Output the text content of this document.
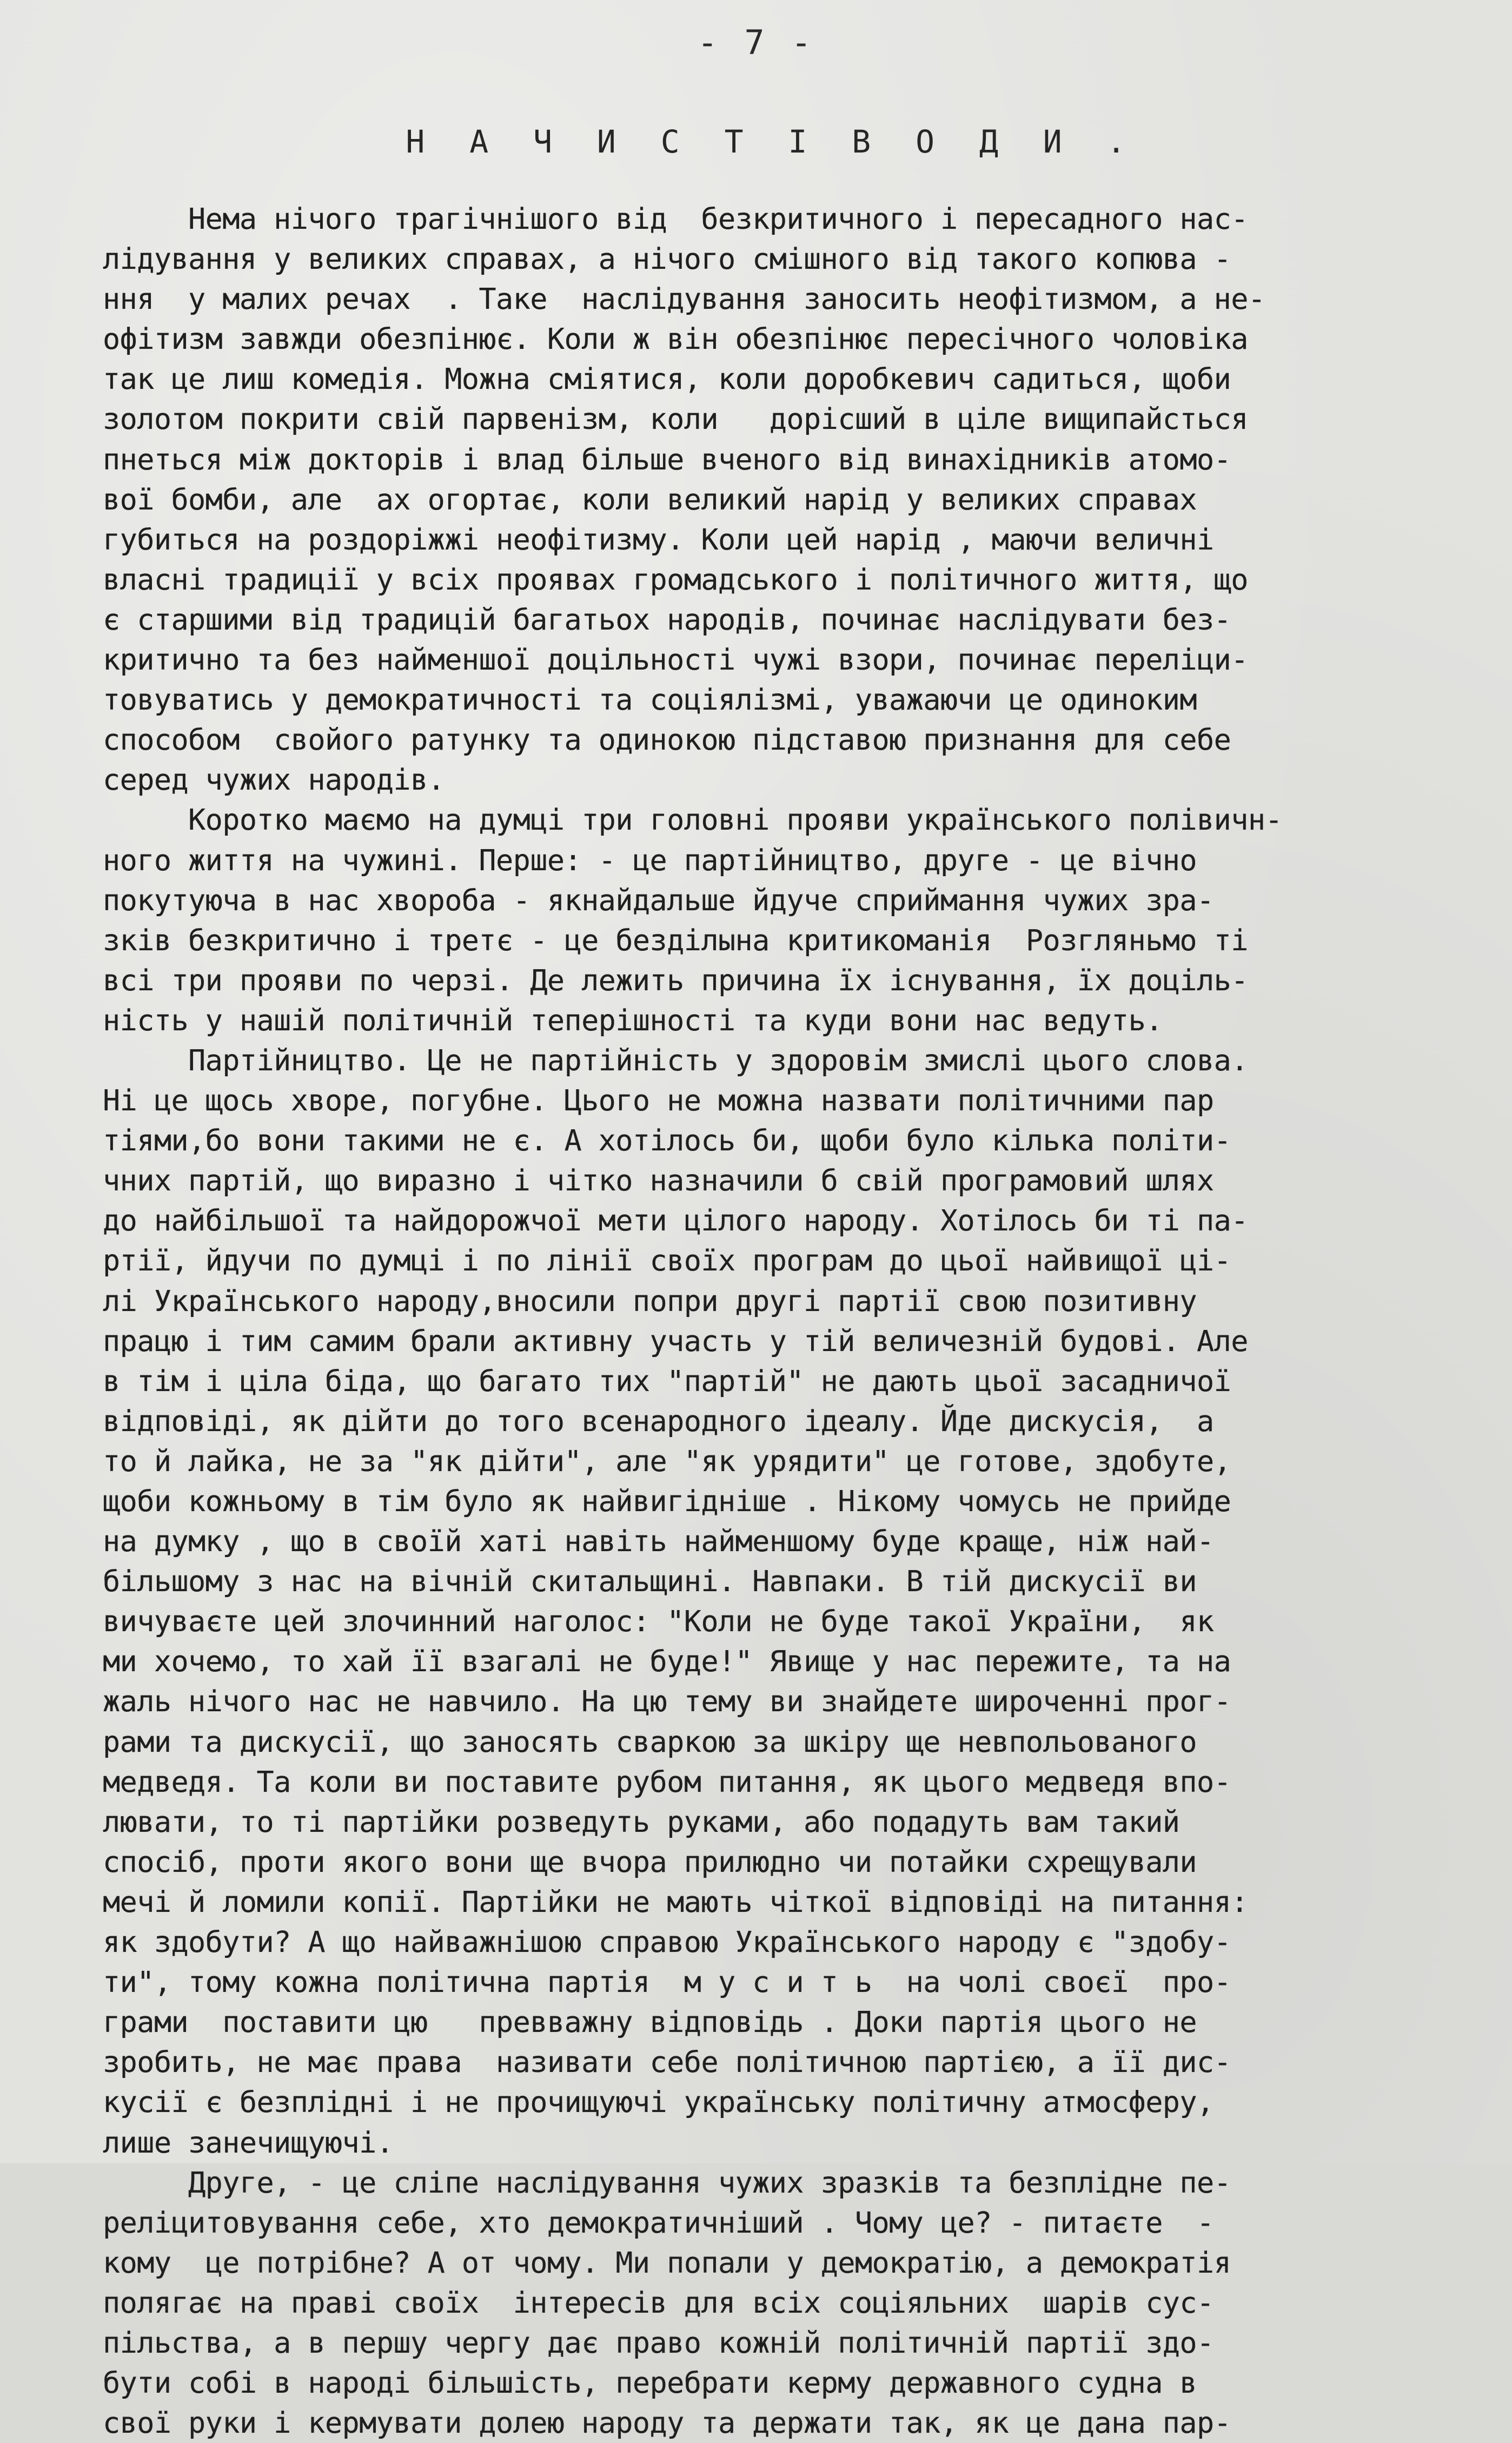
- 7 -
Н А Ч И С Т І В О Д И .
Нема нічого трагічнішого від  безкритичного і пересадного нас-
лідування у великих справах, а нічого смішного від такого копюва -
ння  у малих речах  . Таке  наслідування заносить неофітизмом, а не-
офітизм завжди обезпінює. Коли ж він обезпінює пересічного чоловіка
так це лиш комедія. Можна сміятися, коли доробкевич садиться, щоби
золотом покрити свій парвенізм, коли   дорісший в ціле вищипайсться
пнеться між докторів і влад більше вченого від винахідників атомо-
вої бомби, але  ах огортає, коли великий нарід у великих справах
губиться на роздоріжжі неофітизму. Коли цей нарід , маючи величні
власні традиції у всіх проявах громадського і політичного життя, що
є старшими від традицій багатьох народів, починає наслідувати без-
критично та без найменшої доцільності чужі взори, починає переліци-
товуватись у демократичності та соціялізмі, уважаючи це одиноким
способом  свойого ратунку та одинокою підставою признання для себе
серед чужих народів.
Коротко маємо на думці три головні прояви українського полівичн-
ного життя на чужині. Перше: - це партійництво, друге - це вічно
покутуюча в нас хвороба - якнайдальше йдуче сприймання чужих зра-
зків безкритично і третє - це безділына критикоманія  Розгляньмо ті
всі три прояви по черзі. Де лежить причина їх існування, їх доціль-
ність у нашій політичній теперішності та куди вони нас ведуть.
Партійництво. Це не партійність у здоровім змислі цього слова.
Ні це щось хворе, погубне. Цього не можна назвати політичними пар
тіями,бо вони такими не є. А хотілось би, щоби було кілька політи-
чних партій, що виразно і чітко назначили б свій програмовий шлях
до найбільшої та найдорожчої мети цілого народу. Хотілось би ті па-
ртії, йдучи по думці і по лінії своїх програм до цьої найвищої ці-
лі Українського народу,вносили попри другі партії свою позитивну
працю і тим самим брали активну участь у тій величезній будові. Але
в тім і ціла біда, що багато тих "партій" не дають цьої засадничої
відповіді, як дійти до того всенародного ідеалу. Йде дискусія,  а
то й лайка, не за "як дійти", але "як урядити" це готове, здобуте,
щоби кожньому в тім було як найвигідніше . Нікому чомусь не прийде
на думку , що в своїй хаті навіть найменшому буде краще, ніж най-
більшому з нас на вічній скитальщині. Навпаки. В тій дискусії ви
вичуваєте цей злочинний наголос: "Коли не буде такої України,  як
ми хочемо, то хай її взагалі не буде!" Явище у нас пережите, та на
жаль нічого нас не навчило. На цю тему ви знайдете широченні прог-
рами та дискусії, що заносять сваркою за шкіру ще невпольованого
медведя. Та коли ви поставите рубом питання, як цього медведя впо-
лювати, то ті партійки розведуть руками, або подадуть вам такий
спосіб, проти якого вони ще вчора прилюдно чи потайки схрещували
мечі й ломили копії. Партійки не мають чіткої відповіді на питання:
як здобути? А що найважнішою справою Українського народу є "здобу-
ти", тому кожна політична партія  м у с и т ь  на чолі своєї  про-
грами  поставити цю   превважну відповідь . Доки партія цього не
зробить, не має права  називати себе політичною партією, а її дис-
кусії є безплідні і не прочищуючі українську політичну атмосферу,
лише занечищуючі.
Друге, - це сліпе наслідування чужих зразків та безплідне пе-
реліцитовування себе, хто демократичніший . Чому це? - питаєте  -
кому  це потрібне? А от чому. Ми попали у демократію, а демократія
полягає на праві своїх  інтересів для всіх соціяльних  шарів сус-
пільства, а в першу чергу дає право кожній політичній партії здо-
бути собі в народі більшість, перебрати керму державного судна в
свої руки і кермувати долею народу та держати так, як це дана пар-
